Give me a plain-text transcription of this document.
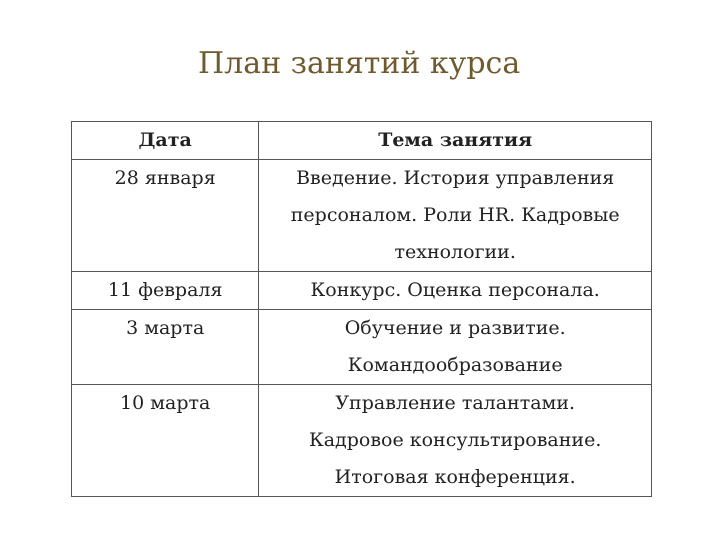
План занятий курса
Дата	Тема занятия
28 января	Введение. История управления
персоналом. Роли HR. Кадровые
технологии.

11 февраля	Конкурс. Оценка персонала.

3 марта	Обучение и развитие.
Командообразование

10 марта	Управление талантами.
Кадровое консультирование.
Итоговая конференция.
